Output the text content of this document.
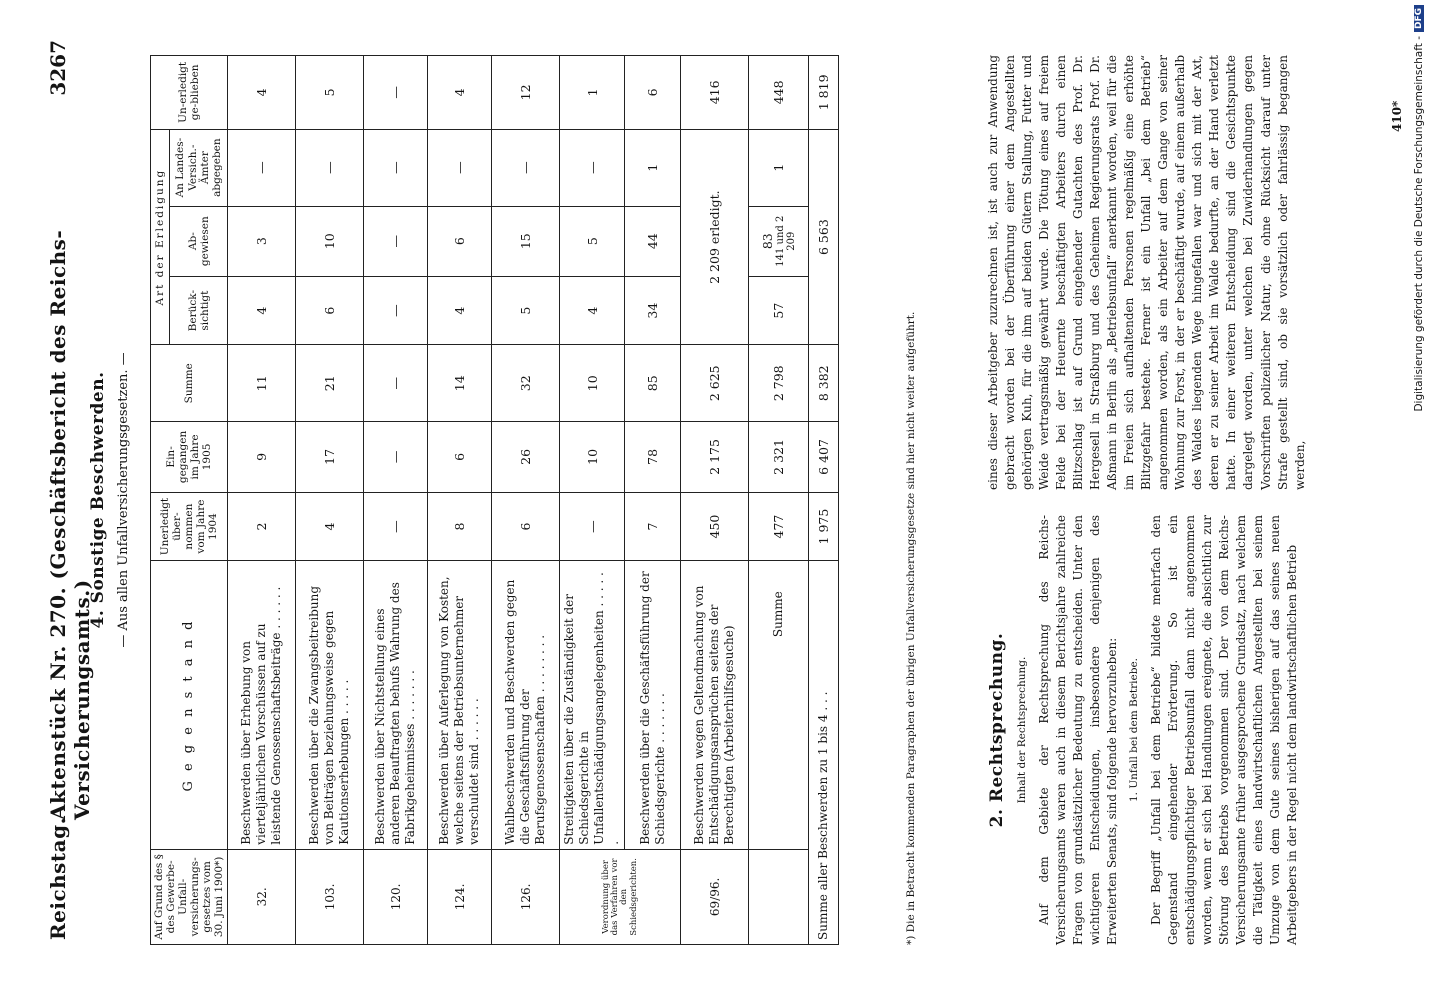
Reichstag.
Aktenstück Nr. 270. (Geschäftsbericht des Reichs-Versicherungsamts.)
3267
4. Sonstige Beschwerden. — Aus allen Unfallversicherungsgesetzen. —
Auf Grund des § des Gewerbe-Unfall-versicherungs-gesetzes vom 30. Juni 1900*)	G e g e n s t a n d	Unerledigt über-nommen vom Jahre 1904	Ein-gegangen im Jahre 1905	Summe	Art der Erledigung			Un-erledigt ge-blieben
					Berück-sichtigt	Ab-gewiesen	An Landes-Versich.-Ämter abgegeben	
32.	Beschwerden über Erhebung von vierteljährlichen Vorschüssen auf zu leistende Genossenschaftsbeiträge . . . . . .	2	9	11	4	3	—	4
103.	Beschwerden über die Zwangsbeitreibung von Beiträgen beziehungsweise gegen Kautionserhebungen . . . . .	4	17	21	6	10	—	5
120.	Beschwerden über Nichtstellung eines anderen Beauftragten behufs Wahrung des Fabrikgeheimnisses . . . . . . .	—	—	—	—	—	—	—
124.	Beschwerden über Auferlegung von Kosten, welche seitens der Betriebsunternehmer verschuldet sind . . . . . .	8	6	14	4	6	—	4
126.	Wahlbeschwerden und Beschwerden gegen die Geschäftsführung der Berufsgenossenschaften . . . . . . . .	6	26	32	5	15	—	12
Verordnung über das Verfahren vor den Schiedsgerichten.	Streitigkeiten über die Zuständigkeit der Schiedsgerichte in Unfallentschädigungsangelegenheiten . . . . . .	—	10	10	4	5	—	1
	Beschwerden über die Geschäftsführung der Schiedsgerichte . . . . . . .	7	78	85	34	44	1	6
69/96.	Beschwerden wegen Geltendmachung von Entschädigungsansprüchen seitens der Berechtigten (Arbeiterhilfsgesuche)	450	2 175	2 625	2 209 erledigt.			416
	Summe	477	2 321	2 798	57	83 141 und 2 209	1	448
Summe aller Beschwerden zu 1 bis 4 . . .		1 975	6 407	8 382	6 563			1 819
*) Die in Betracht kommenden Paragraphen der übrigen Unfallversicherungsgesetze sind hier nicht weiter aufgeführt.	2. Rechtsprechung. Inhalt der Rechtsprechung. Auf dem Gebiete der Rechtsprechung des Reichs-Versicherungsamts waren auch in diesem Berichtsjahre zahlreiche Fragen von grundsätzlicher Bedeutung zu entscheiden. Unter den wichtigeren Entscheidungen, insbesondere denjenigen des Erweiterten Senats, sind folgende hervorzuheben: 1. Unfall bei dem Betriebe. Der Begriff „Unfall bei dem Betriebe“ bildete mehrfach den Gegenstand eingehender Erörterung. So ist ein entschädigungspflichtiger Betriebsunfall dann nicht angenommen worden, wenn er sich bei Handlungen ereignete, die absichtlich zur Störung des Betriebs vorgenommen sind. Der von dem Reichs-Versicherungsamte früher ausgesprochene Grundsatz, nach welchem die Tätigkeit eines landwirtschaftlichen Angestellten bei seinem Umzuge von dem Gute seines bisherigen auf das seines neuen Arbeitgebers in der Regel nicht dem landwirtschaftlichen Betrieb

eines dieser Arbeitgeber zuzurechnen ist, ist auch zur Anwendung gebracht worden bei der Überführung einer dem Angestellten gehörigen Kuh, für die ihm auf beiden Gütern Stallung, Futter und Weide vertragsmäßig gewährt wurde. Die Tötung eines auf freiem Felde bei der Heuernte beschäftigten Arbeiters durch einen Blitzschlag ist auf Grund eingehender Gutachten des Prof. Dr. Hergesell in Straßburg und des Geheimen Regierungsrats Prof. Dr. Aßmann in Berlin als „Betriebsunfall“ anerkannt worden, weil für die im Freien sich aufhaltenden Personen regelmäßig eine erhöhte Blitzgefahr bestehe. Ferner ist ein Unfall „bei dem Betrieb“ angenommen worden, als ein Arbeiter auf dem Gange von seiner Wohnung zur Forst, in der er beschäftigt wurde, auf einem außerhalb des Waldes liegenden Wege hingefallen war und sich mit der Axt, deren er zu seiner Arbeit im Walde bedurfte, an der Hand verletzt hatte. In einer weiteren Entscheidung sind die Gesichtspunkte dargelegt worden, unter welchen bei Zuwiderhandlungen gegen Vorschriften polizeilicher Natur, die ohne Rücksicht darauf unter Strafe gestellt sind, ob sie vorsätzlich oder fahrlässig begangen werden,

410* Digitalisierung gefördert durch die Deutsche Forschungsgemeinschaft -
DFG
